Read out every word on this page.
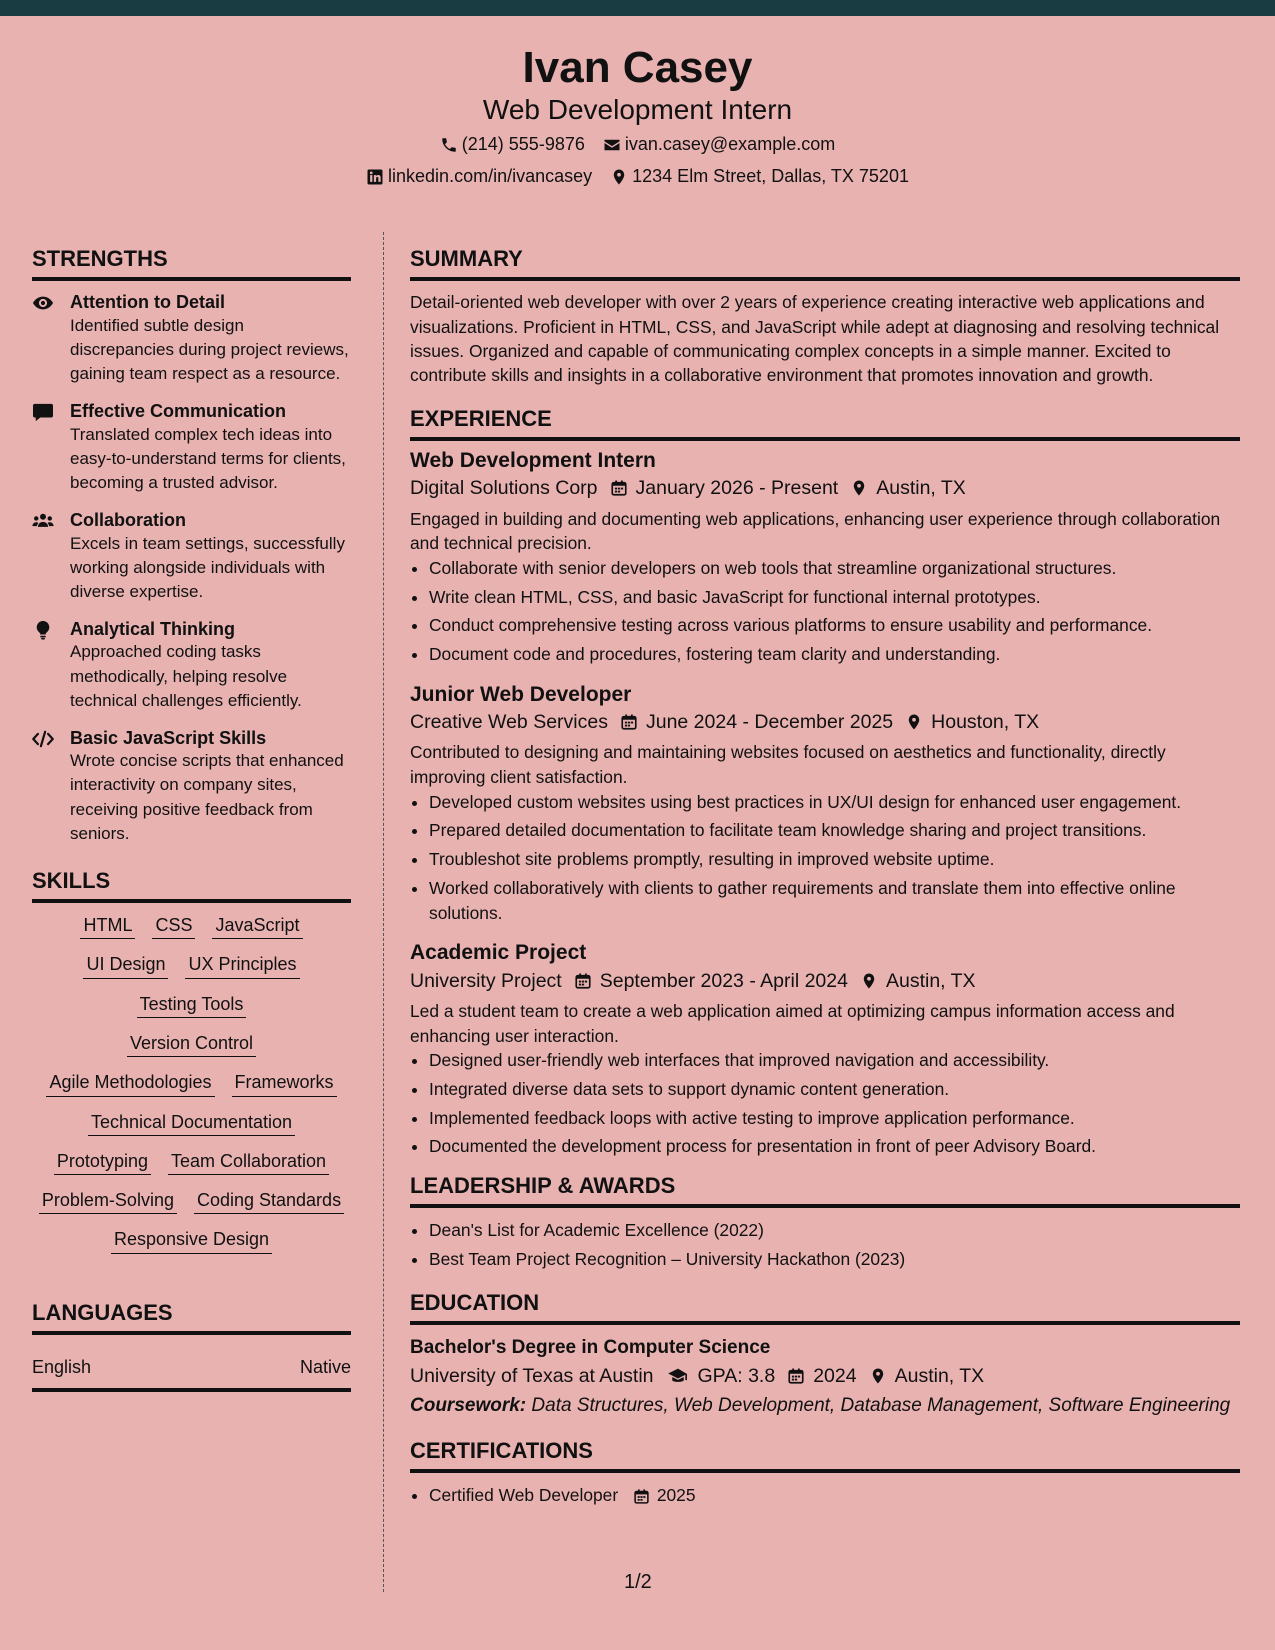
Ivan Casey
Web Development Intern
(214) 555-9876 ivan.casey@example.com
linkedin.com/in/ivancasey 1234 Elm Street, Dallas, TX 75201
STRENGTHS
Attention to Detail
Identified subtle design discrepancies during project reviews, gaining team respect as a resource.
Effective Communication
Translated complex tech ideas into easy-to-understand terms for clients, becoming a trusted advisor.
Collaboration
Excels in team settings, successfully working alongside individuals with diverse expertise.
Analytical Thinking
Approached coding tasks methodically, helping resolve technical challenges efficiently.
Basic JavaScript Skills
Wrote concise scripts that enhanced interactivity on company sites, receiving positive feedback from seniors.
SKILLS
HTML CSS JavaScript
UI Design UX Principles
Testing Tools
Version Control
Agile Methodologies Frameworks
Technical Documentation
Prototyping Team Collaboration
Problem-Solving Coding Standards
Responsive Design
LANGUAGES
English	Native
SUMMARY
Detail-oriented web developer with over 2 years of experience creating interactive web applications and visualizations. Proficient in HTML, CSS, and JavaScript while adept at diagnosing and resolving technical issues. Organized and capable of communicating complex concepts in a simple manner. Excited to contribute skills and insights in a collaborative environment that promotes innovation and growth.
EXPERIENCE
Web Development Intern
Digital Solutions Corp January 2026 - Present Austin, TX
Engaged in building and documenting web applications, enhancing user experience through collaboration and technical precision.
• Collaborate with senior developers on web tools that streamline organizational structures.
• Write clean HTML, CSS, and basic JavaScript for functional internal prototypes.
• Conduct comprehensive testing across various platforms to ensure usability and performance.
• Document code and procedures, fostering team clarity and understanding.
Junior Web Developer
Creative Web Services June 2024 - December 2025 Houston, TX
Contributed to designing and maintaining websites focused on aesthetics and functionality, directly improving client satisfaction.
• Developed custom websites using best practices in UX/UI design for enhanced user engagement.
• Prepared detailed documentation to facilitate team knowledge sharing and project transitions.
• Troubleshot site problems promptly, resulting in improved website uptime.
• Worked collaboratively with clients to gather requirements and translate them into effective online solutions.
Academic Project
University Project September 2023 - April 2024 Austin, TX
Led a student team to create a web application aimed at optimizing campus information access and enhancing user interaction.
• Designed user-friendly web interfaces that improved navigation and accessibility.
• Integrated diverse data sets to support dynamic content generation.
• Implemented feedback loops with active testing to improve application performance.
• Documented the development process for presentation in front of peer Advisory Board.
LEADERSHIP & AWARDS
• Dean's List for Academic Excellence (2022)
• Best Team Project Recognition – University Hackathon (2023)
EDUCATION
Bachelor's Degree in Computer Science
University of Texas at Austin GPA: 3.8 2024 Austin, TX
Coursework: Data Structures, Web Development, Database Management, Software Engineering
CERTIFICATIONS
• Certified Web Developer 2025
1/2
